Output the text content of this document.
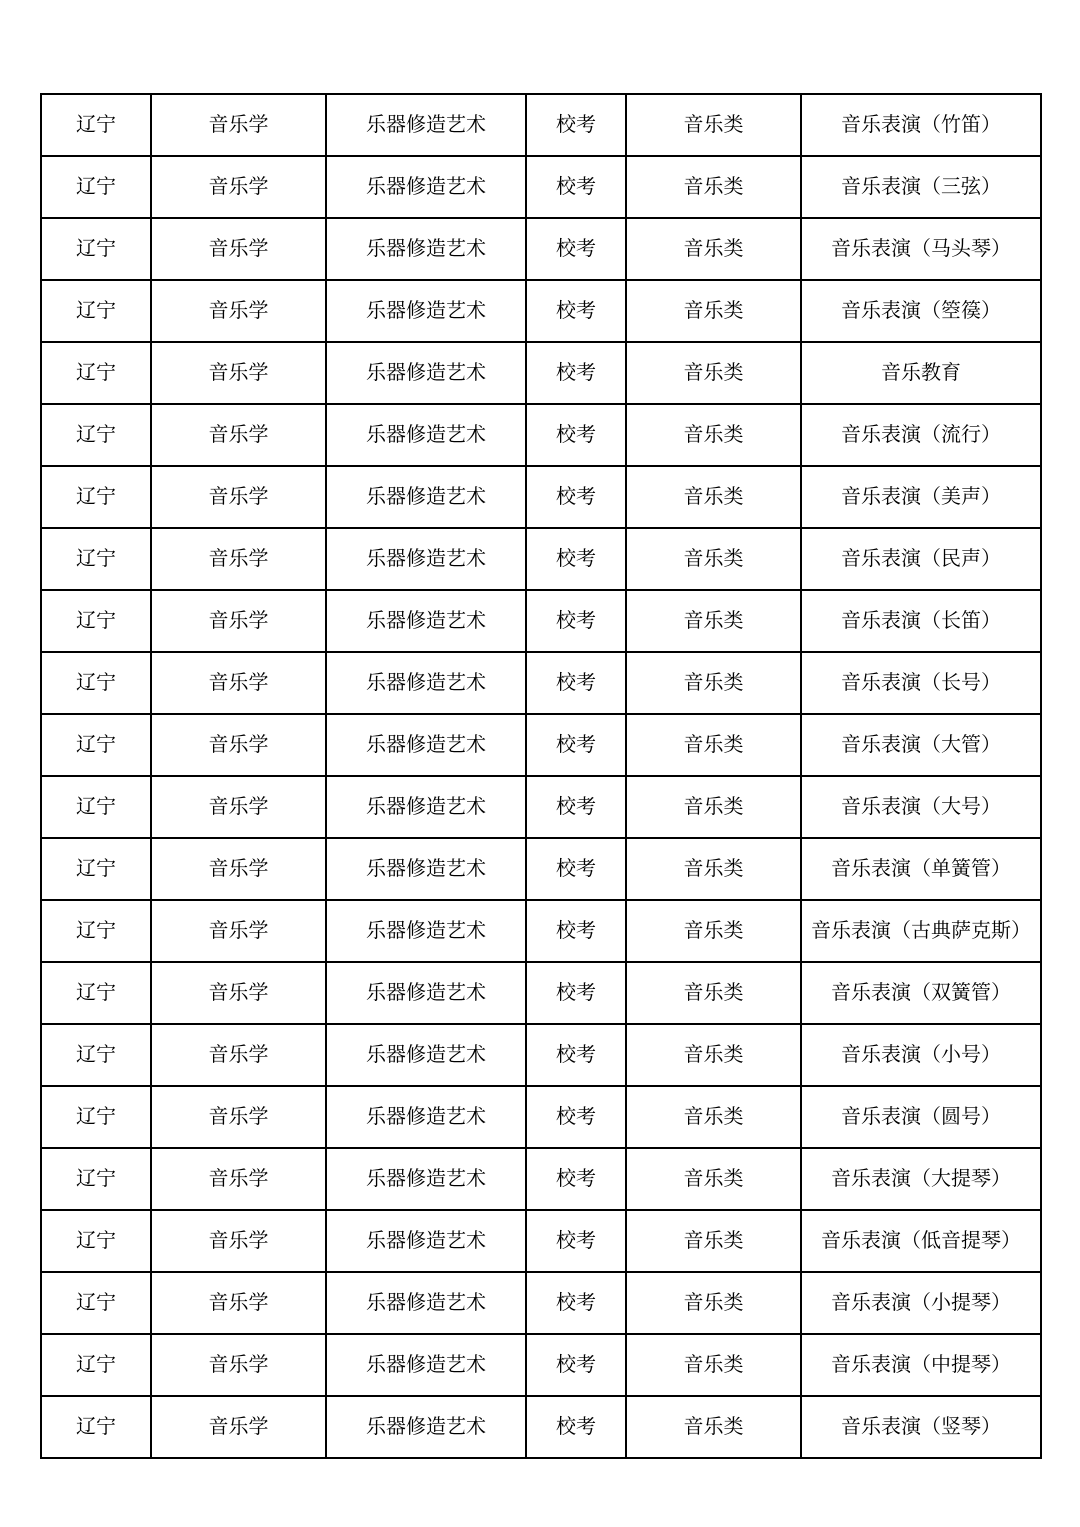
辽宁	音乐学	乐器修造艺术	校考	音乐类	音乐表演（竹笛）
辽宁	音乐学	乐器修造艺术	校考	音乐类	音乐表演（三弦）
辽宁	音乐学	乐器修造艺术	校考	音乐类	音乐表演（马头琴）
辽宁	音乐学	乐器修造艺术	校考	音乐类	音乐表演（箜篌）
辽宁	音乐学	乐器修造艺术	校考	音乐类	音乐教育
辽宁	音乐学	乐器修造艺术	校考	音乐类	音乐表演（流行）
辽宁	音乐学	乐器修造艺术	校考	音乐类	音乐表演（美声）
辽宁	音乐学	乐器修造艺术	校考	音乐类	音乐表演（民声）
辽宁	音乐学	乐器修造艺术	校考	音乐类	音乐表演（长笛）
辽宁	音乐学	乐器修造艺术	校考	音乐类	音乐表演（长号）
辽宁	音乐学	乐器修造艺术	校考	音乐类	音乐表演（大管）
辽宁	音乐学	乐器修造艺术	校考	音乐类	音乐表演（大号）
辽宁	音乐学	乐器修造艺术	校考	音乐类	音乐表演（单簧管）
辽宁	音乐学	乐器修造艺术	校考	音乐类	音乐表演（古典萨克斯）
辽宁	音乐学	乐器修造艺术	校考	音乐类	音乐表演（双簧管）
辽宁	音乐学	乐器修造艺术	校考	音乐类	音乐表演（小号）
辽宁	音乐学	乐器修造艺术	校考	音乐类	音乐表演（圆号）
辽宁	音乐学	乐器修造艺术	校考	音乐类	音乐表演（大提琴）
辽宁	音乐学	乐器修造艺术	校考	音乐类	音乐表演（低音提琴）
辽宁	音乐学	乐器修造艺术	校考	音乐类	音乐表演（小提琴）
辽宁	音乐学	乐器修造艺术	校考	音乐类	音乐表演（中提琴）
辽宁	音乐学	乐器修造艺术	校考	音乐类	音乐表演（竖琴）
